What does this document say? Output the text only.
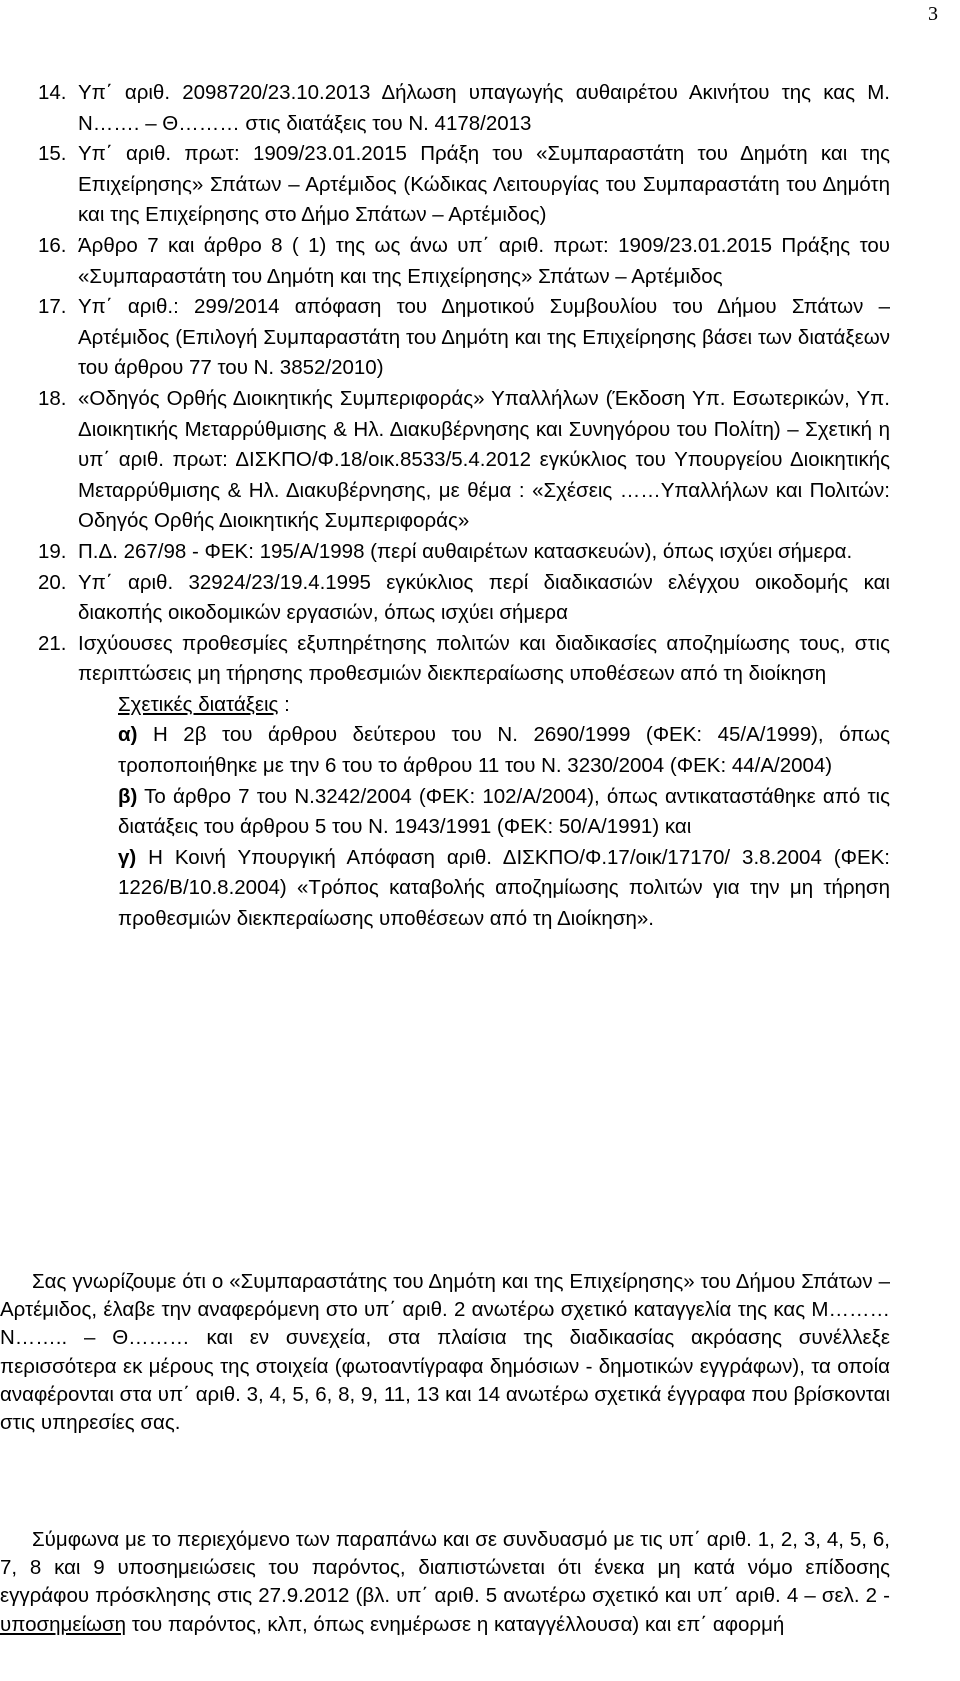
3
14. Υπ΄ αριθ. 2098720/23.10.2013 Δήλωση υπαγωγής αυθαιρέτου Ακινήτου της κας Μ. Ν……. – Θ……… στις διατάξεις του Ν. 4178/2013
15. Υπ΄ αριθ. πρωτ: 1909/23.01.2015 Πράξη του «Συμπαραστάτη του Δημότη και της Επιχείρησης» Σπάτων – Αρτέμιδος (Κώδικας Λειτουργίας του Συμπαραστάτη του Δημότη και της Επιχείρησης στο Δήμο Σπάτων – Αρτέμιδος)
16. Άρθρο 7 και άρθρο 8 ( 1) της ως άνω υπ΄ αριθ. πρωτ: 1909/23.01.2015 Πράξης του «Συμπαραστάτη του Δημότη και της Επιχείρησης» Σπάτων – Αρτέμιδος
17. Υπ΄ αριθ.: 299/2014 απόφαση του Δημοτικού Συμβουλίου του Δήμου Σπάτων – Αρτέμιδος (Επιλογή Συμπαραστάτη του Δημότη και της Επιχείρησης βάσει των διατάξεων του άρθρου 77 του Ν. 3852/2010)
18. «Οδηγός Ορθής Διοικητικής Συμπεριφοράς» Υπαλλήλων (Έκδοση Υπ. Εσωτερικών, Υπ. Διοικητικής Μεταρρύθμισης & Ηλ. Διακυβέρνησης και Συνηγόρου του Πολίτη) – Σχετική η υπ΄ αριθ. πρωτ: ΔΙΣΚΠΟ/Φ.18/οικ.8533/5.4.2012 εγκύκλιος του Υπουργείου Διοικητικής Μεταρρύθμισης & Ηλ. Διακυβέρνησης, με θέμα : «Σχέσεις ……Υπαλλήλων και Πολιτών: Οδηγός Ορθής Διοικητικής Συμπεριφοράς»
19. Π.Δ. 267/98 - ΦΕΚ: 195/Α/1998 (περί αυθαιρέτων κατασκευών), όπως ισχύει σήμερα.
20. Υπ΄ αριθ. 32924/23/19.4.1995 εγκύκλιος περί διαδικασιών ελέγχου οικοδομής και διακοπής οικοδομικών εργασιών, όπως ισχύει σήμερα
21. Ισχύουσες προθεσμίες εξυπηρέτησης πολιτών και διαδικασίες αποζημίωσης τους, στις περιπτώσεις μη τήρησης προθεσμιών διεκπεραίωσης υποθέσεων από τη διοίκηση
Σχετικές διατάξεις :
α) Η 2β του άρθρου δεύτερου του Ν. 2690/1999 (ΦΕΚ: 45/Α/1999), όπως τροποποιήθηκε με την 6 του το άρθρου 11 του Ν. 3230/2004 (ΦΕΚ: 44/Α/2004)
β) Το άρθρο 7 του Ν.3242/2004 (ΦΕΚ: 102/Α/2004), όπως αντικαταστάθηκε από τις διατάξεις του άρθρου 5 του Ν. 1943/1991 (ΦΕΚ: 50/Α/1991) και
γ) Η Κοινή Υπουργική Απόφαση αριθ. ΔΙΣΚΠΟ/Φ.17/οικ/17170/ 3.8.2004 (ΦΕΚ: 1226/Β/10.8.2004) «Τρόπος καταβολής αποζημίωσης πολιτών για την μη τήρηση προθεσμιών διεκπεραίωσης υποθέσεων από τη Διοίκηση».

Σας γνωρίζουμε ότι ο «Συμπαραστάτης του Δημότη και της Επιχείρησης» του Δήμου Σπάτων – Αρτέμιδος, έλαβε την αναφερόμενη στο υπ΄ αριθ. 2 ανωτέρω σχετικό καταγγελία της κας Μ……… Ν…….. – Θ……… και εν συνεχεία, στα πλαίσια της διαδικασίας ακρόασης συνέλλεξε περισσότερα εκ μέρους της στοιχεία (φωτοαντίγραφα δημόσιων - δημοτικών εγγράφων), τα οποία αναφέρονται στα υπ΄ αριθ. 3, 4, 5, 6, 8, 9, 11, 13 και 14 ανωτέρω σχετικά έγγραφα που βρίσκονται στις υπηρεσίες σας.

Σύμφωνα με το περιεχόμενο των παραπάνω και σε συνδυασμό με τις υπ΄ αριθ. 1, 2, 3, 4, 5, 6, 7, 8 και 9 υποσημειώσεις του παρόντος, διαπιστώνεται ότι ένεκα μη κατά νόμο επίδοσης εγγράφου πρόσκλησης στις 27.9.2012 (βλ. υπ΄ αριθ. 5 ανωτέρω σχετικό και υπ΄ αριθ. 4 – σελ. 2 - υποσημείωση του παρόντος, κλπ, όπως ενημέρωσε η καταγγέλλουσα) και επ΄ αφορμή
